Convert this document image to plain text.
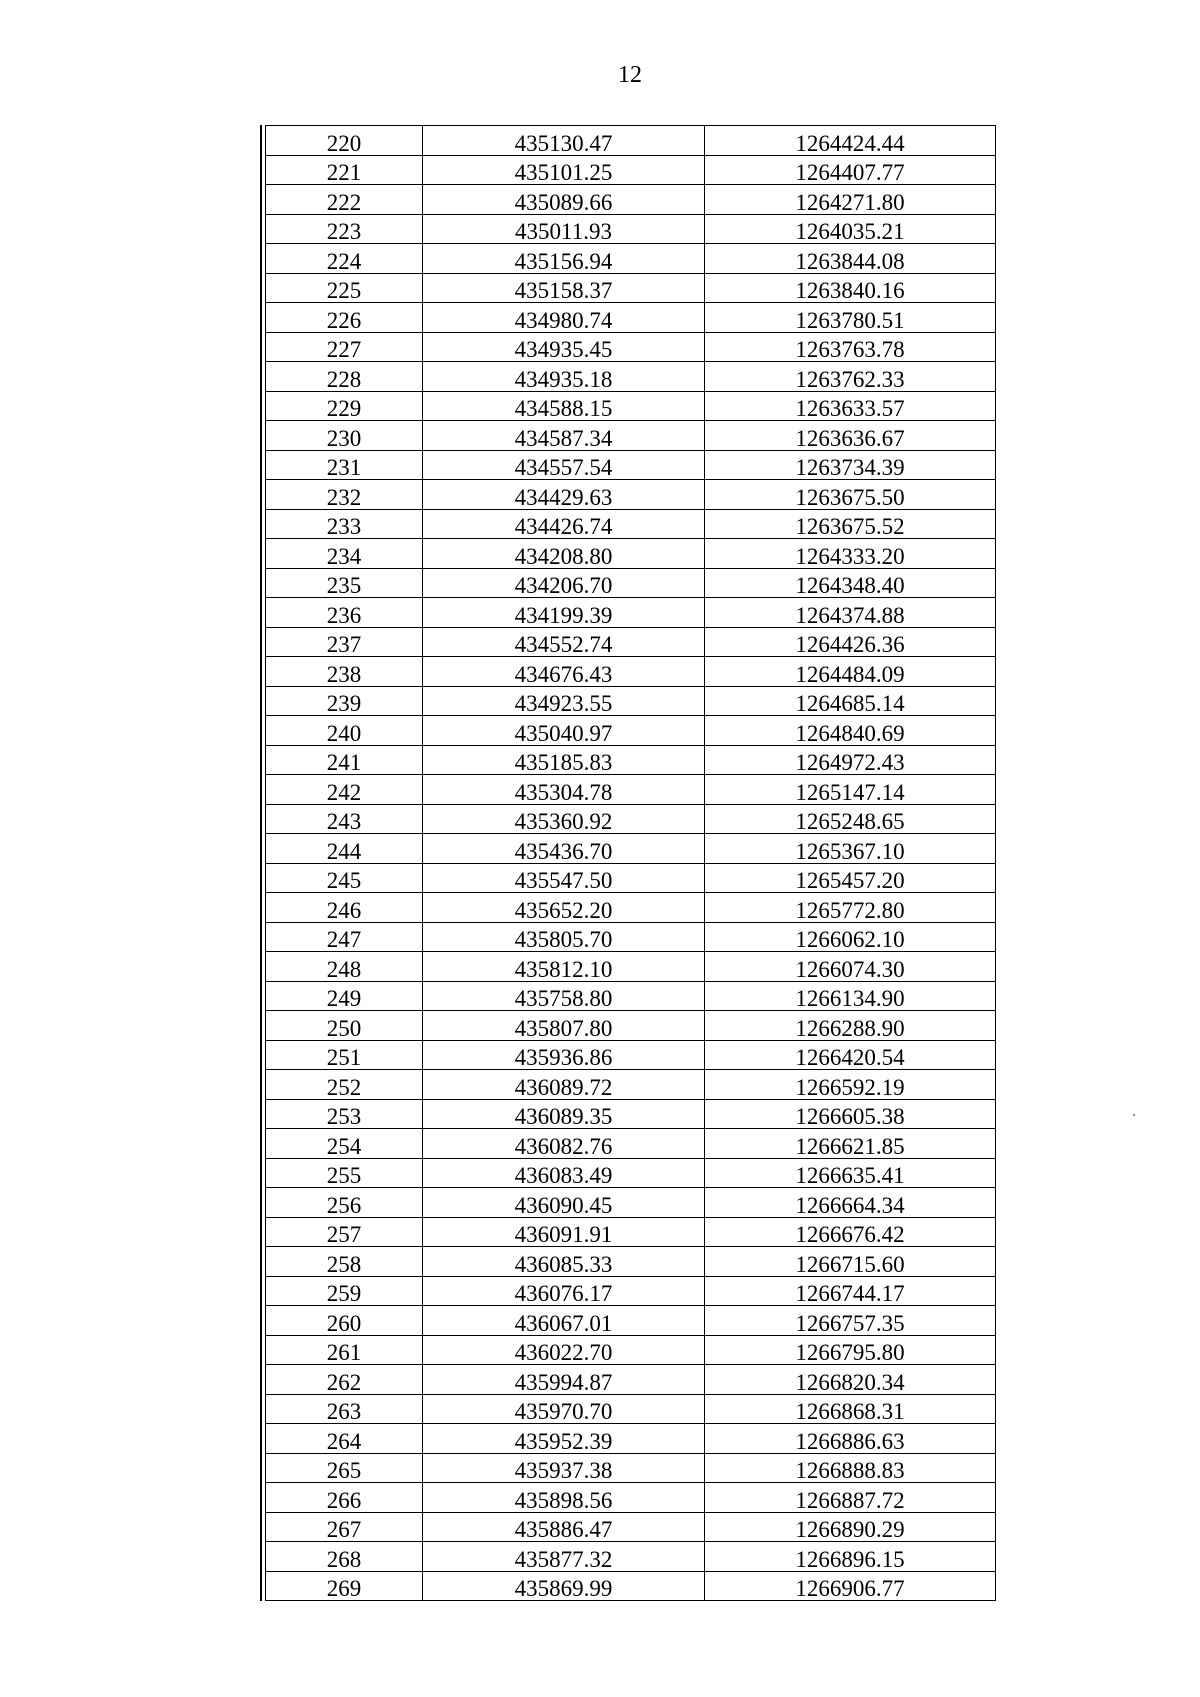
12
220	435130.47	1264424.44
221	435101.25	1264407.77
222	435089.66	1264271.80
223	435011.93	1264035.21
224	435156.94	1263844.08
225	435158.37	1263840.16
226	434980.74	1263780.51
227	434935.45	1263763.78
228	434935.18	1263762.33
229	434588.15	1263633.57
230	434587.34	1263636.67
231	434557.54	1263734.39
232	434429.63	1263675.50
233	434426.74	1263675.52
234	434208.80	1264333.20
235	434206.70	1264348.40
236	434199.39	1264374.88
237	434552.74	1264426.36
238	434676.43	1264484.09
239	434923.55	1264685.14
240	435040.97	1264840.69
241	435185.83	1264972.43
242	435304.78	1265147.14
243	435360.92	1265248.65
244	435436.70	1265367.10
245	435547.50	1265457.20
246	435652.20	1265772.80
247	435805.70	1266062.10
248	435812.10	1266074.30
249	435758.80	1266134.90
250	435807.80	1266288.90
251	435936.86	1266420.54
252	436089.72	1266592.19
253	436089.35	1266605.38
254	436082.76	1266621.85
255	436083.49	1266635.41
256	436090.45	1266664.34
257	436091.91	1266676.42
258	436085.33	1266715.60
259	436076.17	1266744.17
260	436067.01	1266757.35
261	436022.70	1266795.80
262	435994.87	1266820.34
263	435970.70	1266868.31
264	435952.39	1266886.63
265	435937.38	1266888.83
266	435898.56	1266887.72
267	435886.47	1266890.29
268	435877.32	1266896.15
269	435869.99	1266906.77
